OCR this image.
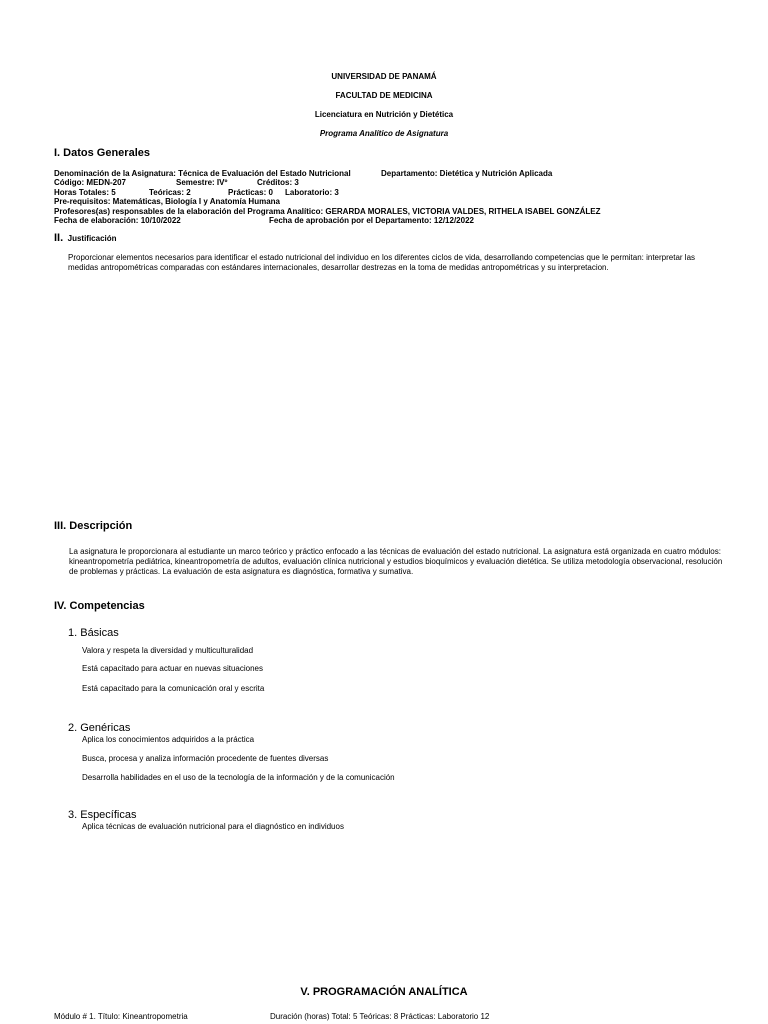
UNIVERSIDAD DE PANAMÁ
FACULTAD DE MEDICINA
Licenciatura en Nutrición y Dietética
Programa Analítico de Asignatura
I. Datos Generales
Denominación de la Asignatura: Técnica de Evaluación del Estado Nutricional	Departamento: Dietética y Nutrición Aplicada
Código: MEDN-207	Semestre: IVº	Créditos: 3
Horas Totales: 5	Teóricas: 2	Prácticas: 0 Laboratorio: 3
Pre-requisitos: Matemáticas, Biología I y Anatomía Humana
Profesores(as) responsables de la elaboración del Programa Analítico: GERARDA MORALES, VICTORIA VALDES, RITHELA ISABEL GONZÁLEZ
Fecha de elaboración: 10/10/2022	Fecha de aprobación por el Departamento: 12/12/2022
II. Justificación
Proporcionar elementos necesarios para identificar el estado nutricional del individuo en los diferentes ciclos de vida, desarrollando competencias que le permitan: interpretar las medidas antropométricas comparadas con estándares internacionales, desarrollar destrezas en la toma de medidas antropométricas y su interpretacion.
III. Descripción
La asignatura le proporcionara al estudiante un marco teórico y práctico enfocado a las técnicas de evaluación del estado nutricional. La asignatura está organizada en cuatro módulos: kineantropometría pediátrica, kineantropometría de adultos, evaluación clínica nutricional y estudios bioquímicos y evaluación dietética. Se utiliza metodología observacional, resolución de problemas y prácticas. La evaluación de esta asignatura es diagnóstica, formativa y sumativa.
IV. Competencias
1. Básicas
Valora y respeta la diversidad y multiculturalidad
Está capacitado para actuar en nuevas situaciones
Está capacitado para la comunicación oral y escrita
2. Genéricas
Aplica los conocimientos adquiridos a la práctica
Busca, procesa y analiza información procedente de fuentes diversas
Desarrolla habilidades en el uso de la tecnología de la información y de la comunicación
3. Específicas
Aplica técnicas de evaluación nutricional para el diagnóstico en individuos
V. PROGRAMACIÓN ANALÍTICA
Módulo # 1. Título: Kineantropometria	Duración (horas) Total: 5 Teóricas: 8 Prácticas: Laboratorio 12
